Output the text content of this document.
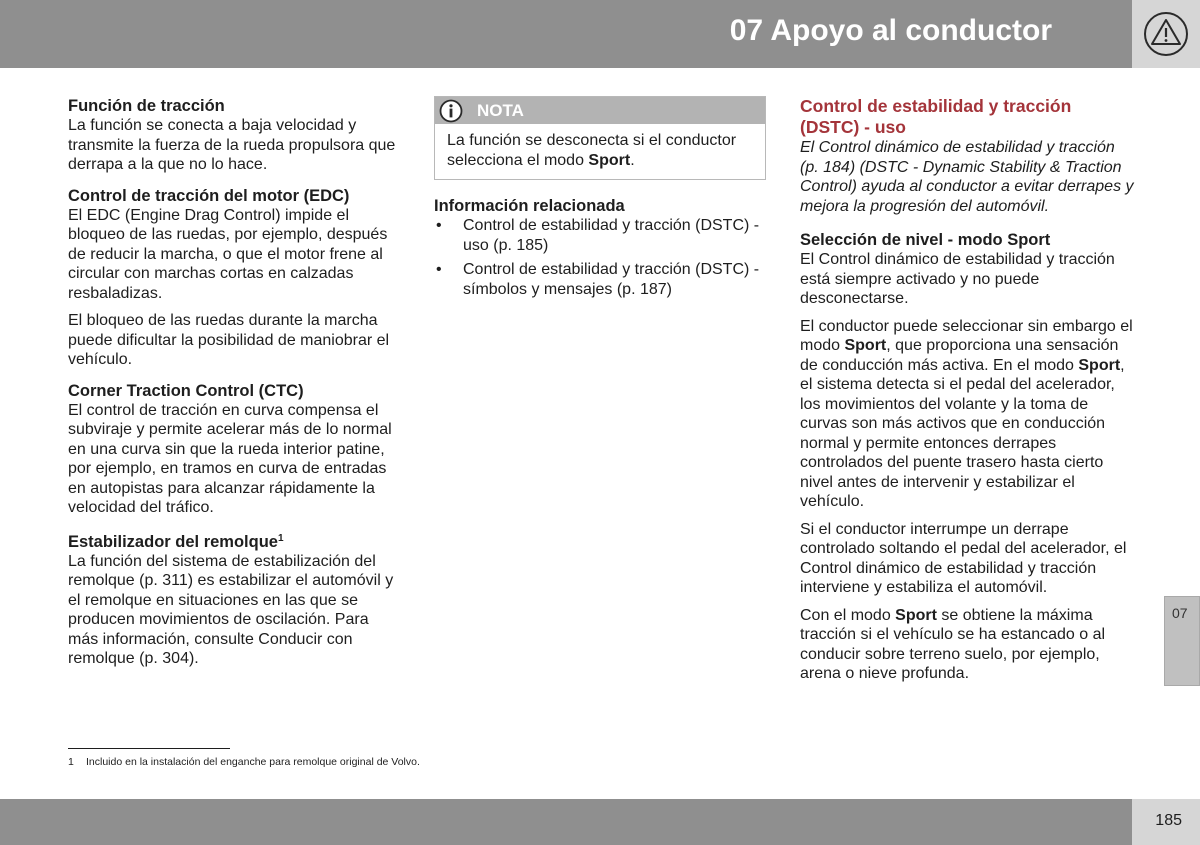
07 Apoyo al conductor
Función de tracción

La función se conecta a baja velocidad y transmite la fuerza de la rueda propulsora que derrapa a la que no lo hace.

Control de tracción del motor (EDC)

El EDC (Engine Drag Control) impide el bloqueo de las ruedas, por ejemplo, después de reducir la marcha, o que el motor frene al circular con marchas cortas en calzadas resbaladizas.

El bloqueo de las ruedas durante la marcha puede dificultar la posibilidad de maniobrar el vehículo.

Corner Traction Control (CTC)

El control de tracción en curva compensa el subviraje y permite acelerar más de lo normal en una curva sin que la rueda interior patine, por ejemplo, en tramos en curva de entradas en autopistas para alcanzar rápidamente la velocidad del tráfico.

Estabilizador del remolque$^1$

La función del sistema de estabilización del remolque (p. 311) es estabilizar el automóvil y el remolque en situaciones en las que se producen movimientos de oscilación. Para más información, consulte Conducir con remolque (p. 304).

NOTA
La función se desconecta si el conductor selecciona el modo Sport.
Información relacionada
• Control de estabilidad y tracción (DSTC) - uso (p. 185)
• Control de estabilidad y tracción (DSTC) - símbolos y mensajes (p. 187)
Control de estabilidad y tracción (DSTC) - uso

El Control dinámico de estabilidad y tracción (p. 184) (DSTC - Dynamic Stability & Traction Control) ayuda al conductor a evitar derrapes y mejora la progresión del automóvil.

Selección de nivel - modo Sport

El Control dinámico de estabilidad y tracción está siempre activado y no puede desconectarse.

El conductor puede seleccionar sin embargo el modo Sport, que proporciona una sensación de conducción más activa. En el modo Sport, el sistema detecta si el pedal del acelerador, los movimientos del volante y la toma de curvas son más activos que en conducción normal y permite entonces derrapes controlados del puente trasero hasta cierto nivel antes de intervenir y estabilizar el vehículo.

Si el conductor interrumpe un derrape controlado soltando el pedal del acelerador, el Control dinámico de estabilidad y tracción interviene y estabiliza el automóvil.

Con el modo Sport se obtiene la máxima tracción si el vehículo se ha estancado o al conducir sobre terreno suelo, por ejemplo, arena o nieve profunda.

1 Incluido en la instalación del enganche para remolque original de Volvo.
07
185
